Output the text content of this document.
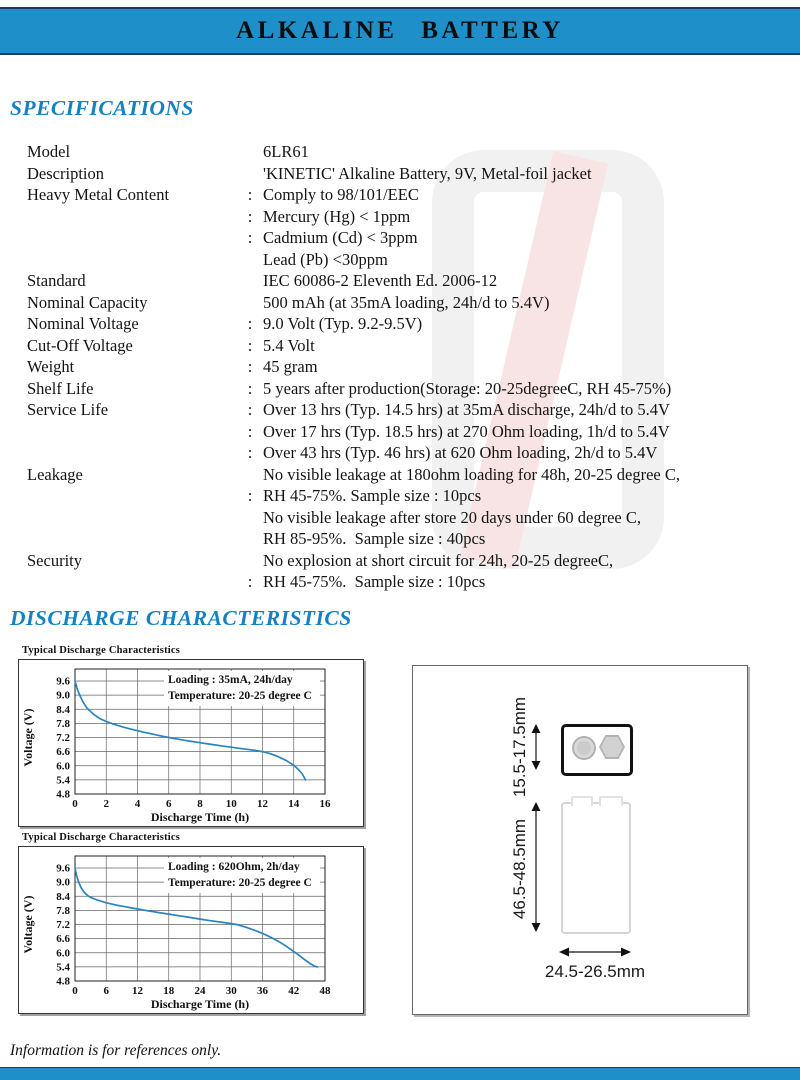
ALKALINE BATTERY
SPECIFICATIONS
Model	6LR61
Description	'KINETIC' Alkaline Battery, 9V, Metal-foil jacket
Heavy Metal Content	: Comply to 98/101/EEC
: Mercury (Hg) < 1ppm
: Cadmium (Cd) < 3ppm
Lead (Pb) <30ppm
Standard	IEC 60086-2 Eleventh Ed. 2006-12
Nominal Capacity	500 mAh (at 35mA loading, 24h/d to 5.4V)
Nominal Voltage	: 9.0 Volt (Typ. 9.2-9.5V)
Cut-Off Voltage	: 5.4 Volt
Weight	: 45 gram
Shelf Life	: 5 years after production(Storage: 20-25degreeC, RH 45-75%)
Service Life	: Over 13 hrs (Typ. 14.5 hrs) at 35mA discharge, 24h/d to 5.4V
: Over 17 hrs (Typ. 18.5 hrs) at 270 Ohm loading, 1h/d to 5.4V
: Over 43 hrs (Typ. 46 hrs) at 620 Ohm loading, 2h/d to 5.4V
Leakage	No visible leakage at 180ohm loading for 48h, 20-25 degree C,
: RH 45-75%. Sample size : 10pcs
No visible leakage after store 20 days under 60 degree C,
RH 85-95%.  Sample size : 40pcs
Security	No explosion at short circuit for 24h, 20-25 degreeC,
: RH 45-75%.  Sample size : 10pcs
DISCHARGE CHARACTERISTICS
Typical Discharge Characteristics
9.6
9.0
8.4
7.8
7.2
6.6
6.0
5.4
4.8
0 2 4 6 8 10 12 14 16
Discharge Time (h)
Voltage (V)
Loading : 35mA, 24h/day
Temperature: 20-25 degree C
Typical Discharge Characteristics
9.6
9.0
8.4
7.8
7.2
6.6
6.0
5.4
4.8
0 6 12 18 24 30 36 42 48
Discharge Time (h)
Voltage (V)
Loading : 620Ohm, 2h/day
Temperature: 20-25 degree C
15.5-17.5mm
46.5-48.5mm
24.5-26.5mm
Information is for references only.
